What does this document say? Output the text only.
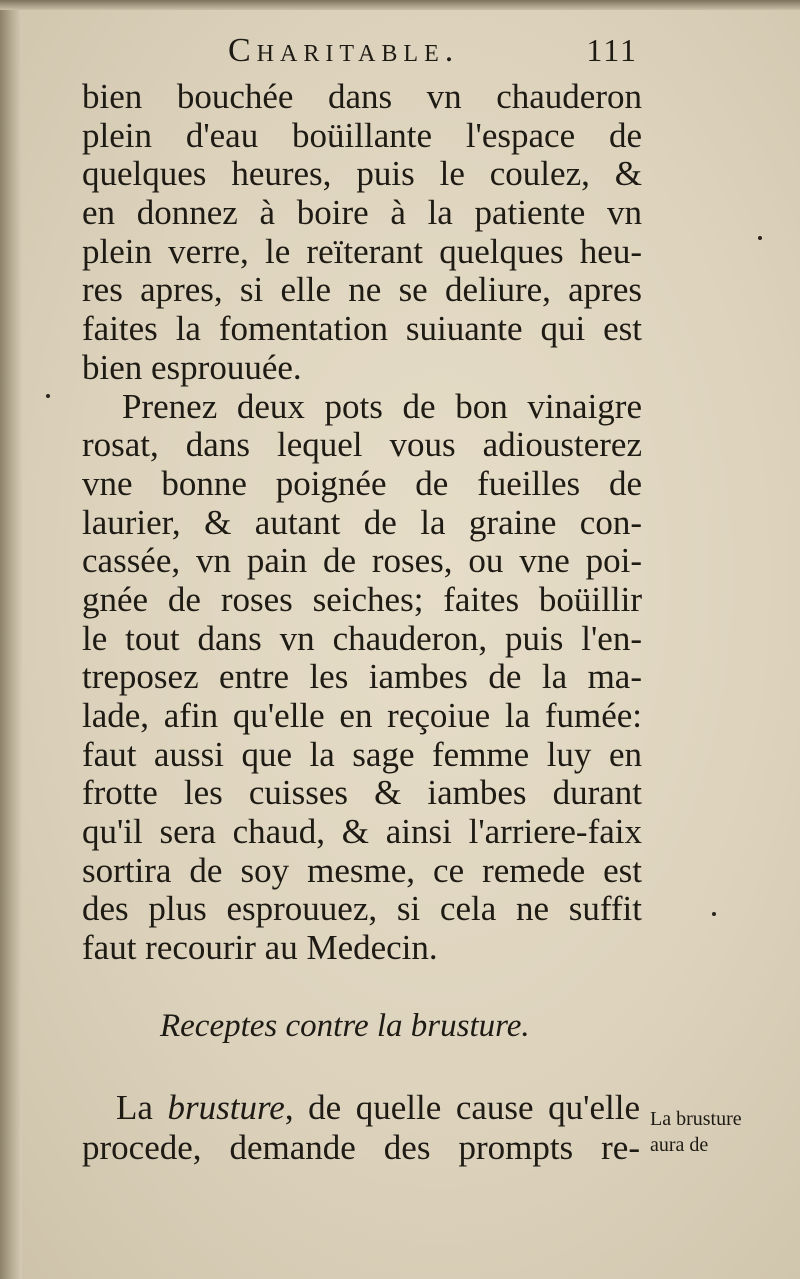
Charitable.	111
bien bouchée dans vn chauderon
plein d'eau boüillante l'espace de
quelques heures, puis le coulez, &
en donnez à boire à la patiente vn
plein verre, le reïterant quelques heu-
res apres, si elle ne se deliure, apres
faites la fomentation suiuante qui est
bien esprouuée.
Prenez deux pots de bon vinaigre
rosat, dans lequel vous adiousterez
vne bonne poignée de fueilles de
laurier, & autant de la graine con-
cassée, vn pain de roses, ou vne poi-
gnée de roses seiches; faites boüillir
le tout dans vn chauderon, puis l'en-
treposez entre les iambes de la ma-
lade, afin qu'elle en reçoiue la fumée:
faut aussi que la sage femme luy en
frotte les cuisses & iambes durant
qu'il sera chaud, & ainsi l'arriere-faix
sortira de soy mesme, ce remede est
des plus esprouuez, si cela ne suffit
faut recourir au Medecin.
Receptes contre la brusture.
La brusture, de quelle cause qu'elle
procede, demande des prompts re-
La brusture
aura de
